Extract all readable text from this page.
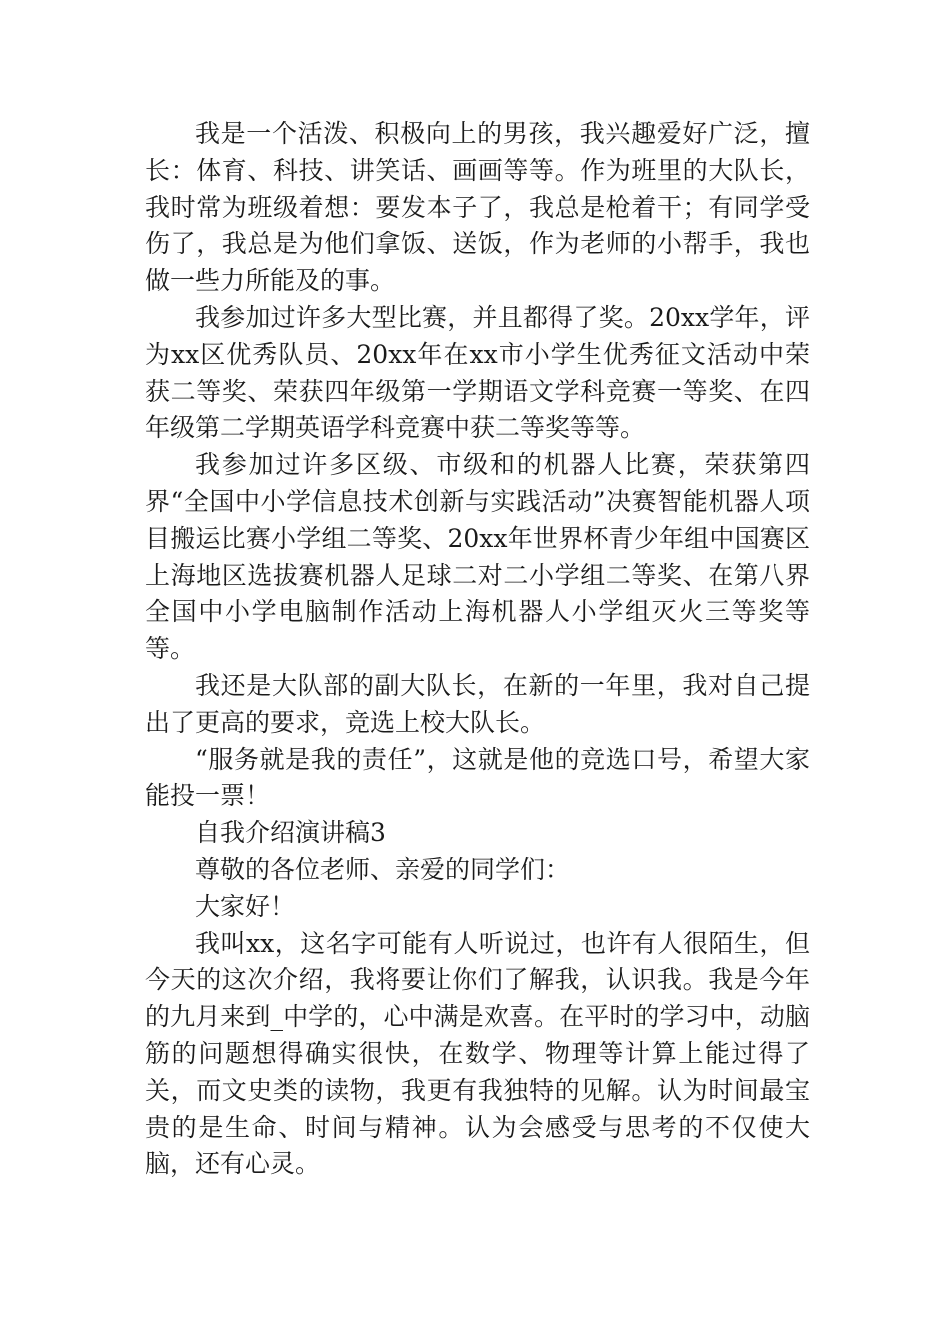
我是一个活泼、积极向上的男孩，我兴趣爱好广泛，擅长：体育、科技、讲笑话、画画等等。作为班里的大队长，我时常为班级着想：要发本子了，我总是枪着干；有同学受伤了，我总是为他们拿饭、送饭，作为老师的小帮手，我也做一些力所能及的事。

我参加过许多大型比赛，并且都得了奖。20xx学年，评为xx区优秀队员、20xx年在xx市小学生优秀征文活动中荣获二等奖、荣获四年级第一学期语文学科竞赛一等奖、在四年级第二学期英语学科竞赛中获二等奖等等。

我参加过许多区级、市级和的机器人比赛，荣获第四界“全国中小学信息技术创新与实践活动”决赛智能机器人项目搬运比赛小学组二等奖、20xx年世界杯青少年组中国赛区上海地区选拔赛机器人足球二对二小学组二等奖、在第八界全国中小学电脑制作活动上海机器人小学组灭火三等奖等等。

我还是大队部的副大队长，在新的一年里，我对自己提出了更高的要求，竞选上校大队长。

“服务就是我的责任”，这就是他的竞选口号，希望大家能投一票！

自我介绍演讲稿3

尊敬的各位老师、亲爱的同学们：

大家好！

我叫xx，这名字可能有人听说过，也许有人很陌生，但今天的这次介绍，我将要让你们了解我，认识我。我是今年的九月来到_中学的，心中满是欢喜。在平时的学习中，动脑筋的问题想得确实很快，在数学、物理等计算上能过得了关，而文史类的读物，我更有我独特的见解。认为时间最宝贵的是生命、时间与精神。认为会感受与思考的不仅使大脑，还有心灵。
